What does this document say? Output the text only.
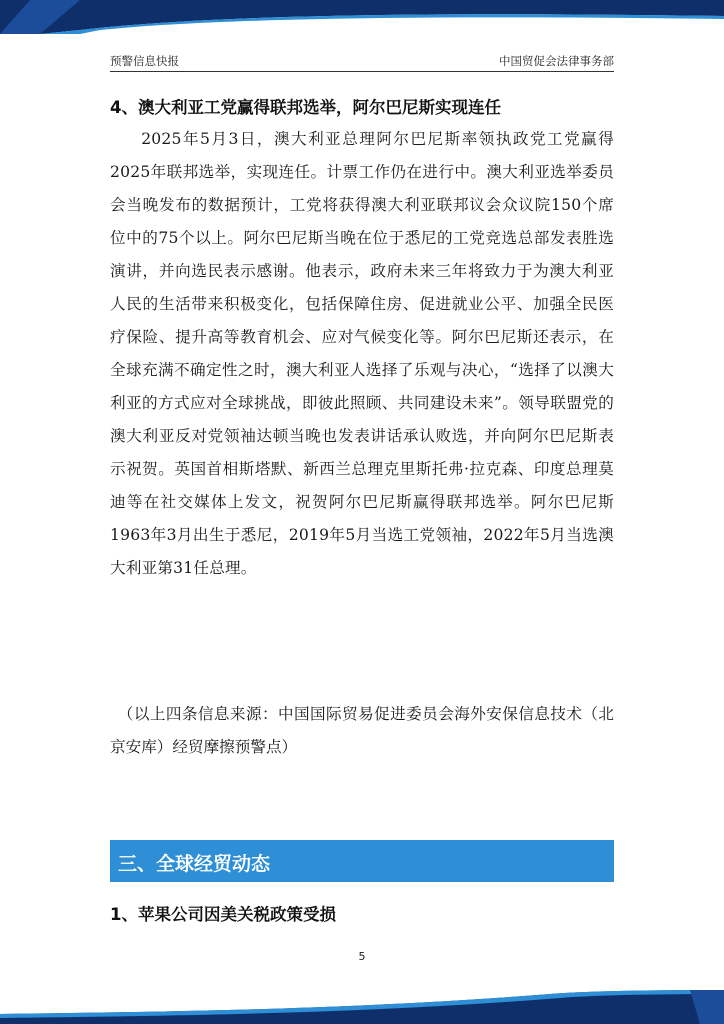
预警信息快报	中国贸促会法律事务部
4、澳大利亚工党赢得联邦选举，阿尔巴尼斯实现连任

2025年5月3日，澳大利亚总理阿尔巴尼斯率领执政党工党赢得2025年联邦选举，实现连任。计票工作仍在进行中。澳大利亚选举委员会当晚发布的数据预计，工党将获得澳大利亚联邦议会众议院150个席位中的75个以上。阿尔巴尼斯当晚在位于悉尼的工党竞选总部发表胜选演讲，并向选民表示感谢。他表示，政府未来三年将致力于为澳大利亚人民的生活带来积极变化，包括保障住房、促进就业公平、加强全民医疗保险、提升高等教育机会、应对气候变化等。阿尔巴尼斯还表示，在全球充满不确定性之时，澳大利亚人选择了乐观与决心，“选择了以澳大利亚的方式应对全球挑战，即彼此照顾、共同建设未来”。领导联盟党的澳大利亚反对党领袖达顿当晚也发表讲话承认败选，并向阿尔巴尼斯表示祝贺。英国首相斯塔默、新西兰总理克里斯托弗·拉克森、印度总理莫迪等在社交媒体上发文，祝贺阿尔巴尼斯赢得联邦选举。阿尔巴尼斯1963年3月出生于悉尼，2019年5月当选工党领袖，2022年5月当选澳大利亚第31任总理。

（以上四条信息来源：中国国际贸易促进委员会海外安保信息技术（北京安库）经贸摩擦预警点）

三、全球经贸动态
1、苹果公司因美关税政策受损
5
